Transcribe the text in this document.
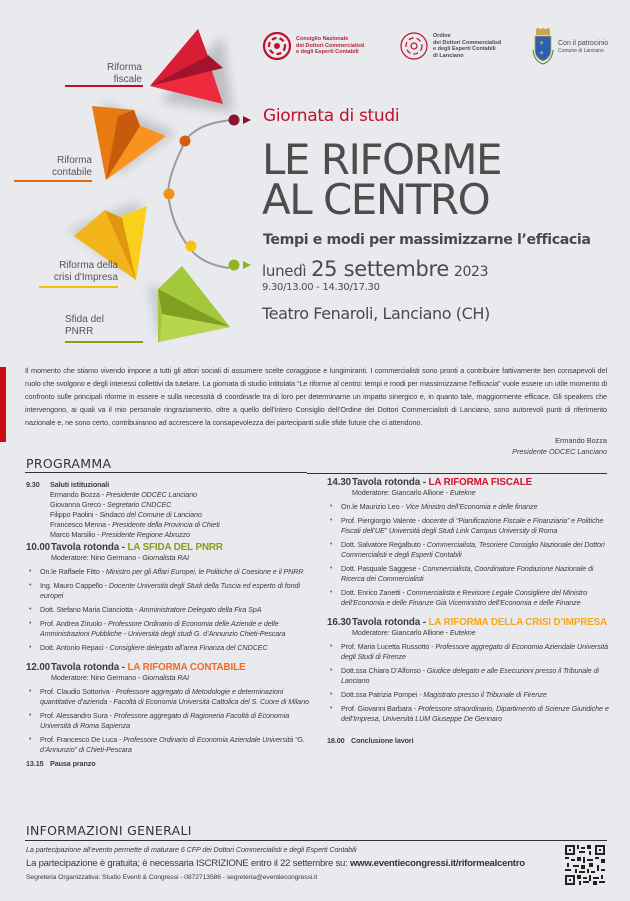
Consiglio Nazionale
dei Dottori Commercialisti
e degli Esperti Contabili
Ordine
dei Dottori Commercialisti
e degli Esperti Contabili
di Lanciano
⚜
⚜
Con il patrocinio
Comune di Lanciano
Riforma
fiscale
Riforma
contabile
Riforma della
crisi d'Impresa
Sfida del
PNRR
Giornata di studi
LE RIFORME
AL CENTRO
Tempi e modi per massimizzarne l’efficacia
lunedì 25 settembre 2023
9.30/13.00 - 14.30/17.30
Teatro Fenaroli, Lanciano (CH)
Il momento che stiamo vivendo impone a tutti gli attori sociali di assumere scelte coraggiose e lungimiranti. I commercialisti sono pronti a contribuire fattivamente ben consapevoli del ruolo che svolgono e degli interessi collettivi da tutelare. La giornata di studio intitolata “Le riforme al centro: tempi e modi per massimizzarne l’efficacia” vuole essere un utile momento di confronto sulle principali riforme in essere e sulla necessità di coordinarle tra di loro per determinarne un impatto sinergico e, in quanto tale, maggiormente efficace. Gli speakers che intervengono, ai quali va il mio personale ringraziamento, oltre a quello dell’intero Consiglio dell’Ordine dei Dottori Commercialisti di Lanciano, sono autorevoli punti di riferimento nazionale e, ne sono certo, contribuiranno ad accrescere la consapevolezza dei partecipanti sulle sfide future che ci attendono.
Ermando Bozza
Presidente ODCEC Lanciano
PROGRAMMA
9.30	Saluti istituzionali
Ermando Bozza - Presidente ODCEC Lanciano
Giovanna Greco - Segretario CNDCEC
Filippo Paolini - Sindaco del Comune di Lanciano
Francesco Menna - Presidente della Provincia di Chieti
Marco Marsilio - Presidente Regione Abruzzo
10.00 Tavola rotonda - LA SFIDA DEL PNRR
Moderatore: Nino Germano - Giornalista RAI
• On.le Raffaele Fitto - Ministro per gli Affari Europei, le Politiche di Coesione e il PNRR
• Ing. Mauro Cappello - Docente Università degli Studi della Tuscia ed esperto di fondi europei
• Dott. Stefano Maria Cianciotta - Amministratore Delegato della Fira SpA
• Prof. Andrea Ziruolo - Professore Ordinario di Economia delle Aziende e delle Amministrazioni Pubbliche - Università degli studi G. d’Annunzio Chieti-Pescara
• Dott. Antonio Repaci - Consigliere delegato all’area Finanza del CNDCEC
12.00 Tavola rotonda - LA RIFORMA CONTABILE
Moderatore: Nino Germano - Giornalista RAI
• Prof. Claudio Sottoriva - Professore aggregato di Metodologie e determinazioni quantitative d’azienda - Facoltà di Economia Università Cattolica del S. Cuore di Milano
• Prof. Alessandro Sura - Professore aggregato di Ragioneria Facoltà di Economia Università di Roma Sapienza
• Prof. Francesco De Luca - Professore Ordinario di Economia Aziendale Università “G. d’Annunzio” di Chieti-Pescara
13.15 Pausa pranzo
14.30 Tavola rotonda - LA RIFORMA FISCALE
Moderatore: Giancarlo Allione - Eutekne
• On.le Maurizio Leo - Vice Ministro dell’Economia e delle finanze
• Prof. Piergiorgio Valente - docente di “Pianificazione Fiscale e Finanziaria” e Politiche Fiscali dell’UE” Università degli Studi Link Campus University di Roma
• Dott. Salvatore Regalbuto - Commercialista, Tesoriere Consiglio Nazionale dei Dottori Commercialisti e degli Esperti Contabili
• Dott. Pasquale Saggese - Commercialista, Coordinatore Fondazione Nazionale di Ricerca dei Commercialisti
• Dott. Enrico Zanetti - Commercialista e Revisore Legale Consigliere del Ministro dell’Economia e delle Finanze Già Viceministro dell’Economia e delle Finanze
16.30 Tavola rotonda - LA RIFORMA DELLA CRISI D’IMPRESA
Moderatore: Giancarlo Allione - Eutekne
• Prof. Maria Lucetta Russotto - Professore aggregato di Economia Aziendale Università degli Studi di Firenze
• Dott.ssa Chiara D’Alfonso - Giudice delegato e alle Esecuzioni presso il Tribunale di Lanciano
• Dott.ssa Patrizia Pompei - Magistrato presso il Tribunale di Firenze
• Prof. Giovanni Barbara - Professore straordinario, Dipartimento di Scienze Giuridiche e dell’Impresa, Università LUM Giuseppe De Gennaro
18.00 Conclusione lavori
INFORMAZIONI GENERALI
La partecipazione all’evento permette di maturare 6 CFP dei Dottori Commercialisti e degli Esperti Contabili
La partecipazione è gratuita; è necessaria ISCRIZIONE entro il 22 settembre su: www.eventiecongressi.it/riformealcentro
Segreteria Organizzativa: Studio Eventi & Congressi - 0872713586 - segreteria@eventiecongressi.it
